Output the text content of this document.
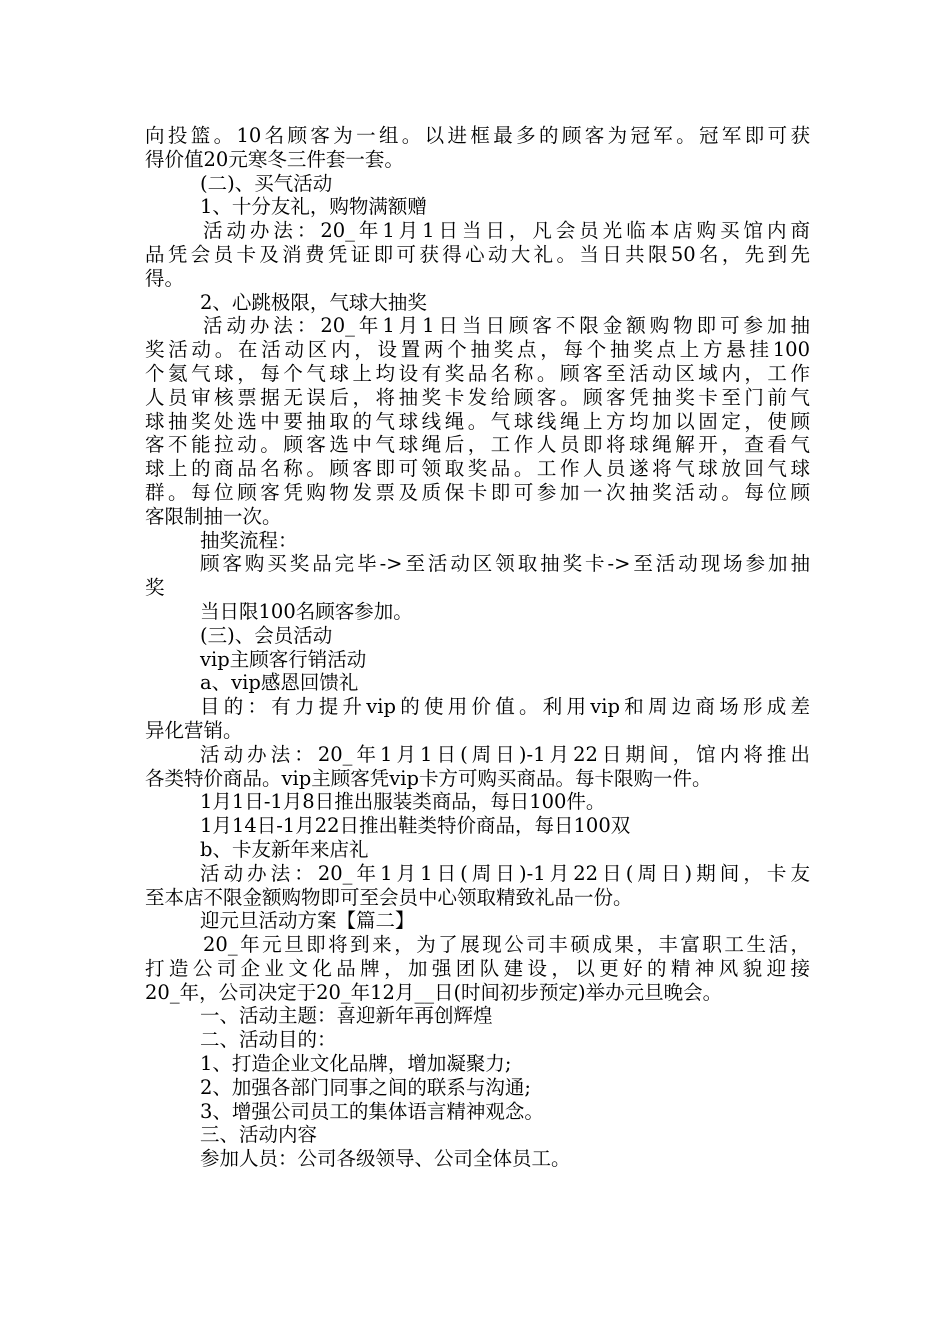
向投篮。10名顾客为一组。以进框最多的顾客为冠军。冠军即可获

得价值20元寒冬三件套一套。

(二)、买气活动

1、十分友礼，购物满额赠

活动办法：20_年1月1日当日，凡会员光临本店购买馆内商

品凭会员卡及消费凭证即可获得心动大礼。当日共限50名，先到先

得。

2、心跳极限，气球大抽奖

活动办法：20_年1月1日当日顾客不限金额购物即可参加抽

奖活动。在活动区内，设置两个抽奖点，每个抽奖点上方悬挂100

个氦气球，每个气球上均设有奖品名称。顾客至活动区域内，工作

人员审核票据无误后，将抽奖卡发给顾客。顾客凭抽奖卡至门前气

球抽奖处选中要抽取的气球线绳。气球线绳上方均加以固定，使顾

客不能拉动。顾客选中气球绳后，工作人员即将球绳解开，查看气

球上的商品名称。顾客即可领取奖品。工作人员遂将气球放回气球

群。每位顾客凭购物发票及质保卡即可参加一次抽奖活动。每位顾

客限制抽一次。

抽奖流程：

顾客购买奖品完毕->至活动区领取抽奖卡->至活动现场参加抽

奖

当日限100名顾客参加。

(三)、会员活动

vip主顾客行销活动

a、vip感恩回馈礼

目的：有力提升vip的使用价值。利用vip和周边商场形成差

异化营销。

活动办法：20_年1月1日(周日)-1月22日期间，馆内将推出

各类特价商品。vip主顾客凭vip卡方可购买商品。每卡限购一件。

1月1日-1月8日推出服装类商品，每日100件。

1月14日-1月22日推出鞋类特价商品，每日100双

b、卡友新年来店礼

活动办法：20_年1月1日(周日)-1月22日(周日)期间，卡友

至本店不限金额购物即可至会员中心领取精致礼品一份。

迎元旦活动方案【篇二】

20_年元旦即将到来，为了展现公司丰硕成果，丰富职工生活，

打造公司企业文化品牌，加强团队建设，以更好的精神风貌迎接

20_年，公司决定于20_年12月__日(时间初步预定)举办元旦晚会。

一、活动主题：喜迎新年再创辉煌

二、活动目的：

1、打造企业文化品牌，增加凝聚力;

2、加强各部门同事之间的联系与沟通;

3、增强公司员工的集体语言精神观念。

三、活动内容

参加人员：公司各级领导、公司全体员工。
